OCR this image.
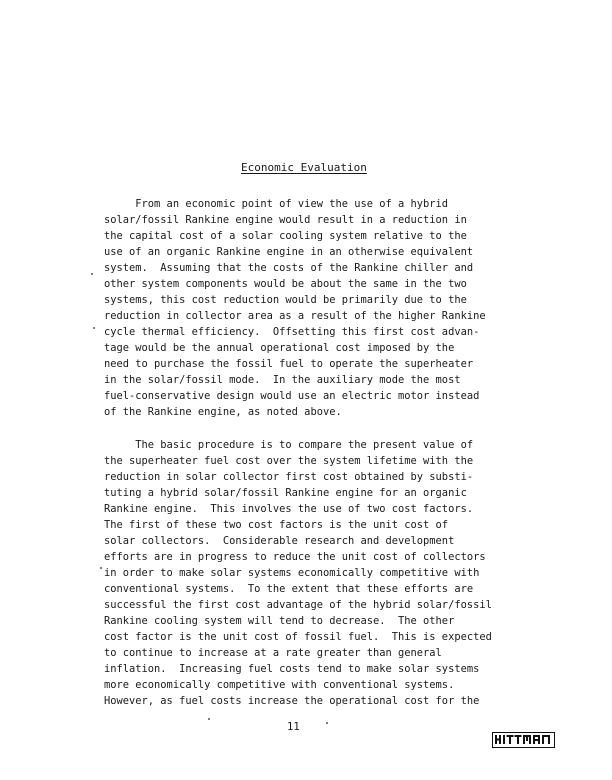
Economic Evaluation
From an economic point of view the use of a hybrid
solar/fossil Rankine engine would result in a reduction in
the capital cost of a solar cooling system relative to the
use of an organic Rankine engine in an otherwise equivalent
system.  Assuming that the costs of the Rankine chiller and
other system components would be about the same in the two
systems, this cost reduction would be primarily due to the
reduction in collector area as a result of the higher Rankine
cycle thermal efficiency.  Offsetting this first cost advan-
tage would be the annual operational cost imposed by the
need to purchase the fossil fuel to operate the superheater
in the solar/fossil mode.  In the auxiliary mode the most
fuel-conservative design would use an electric motor instead
of the Rankine engine, as noted above.
The basic procedure is to compare the present value of
the superheater fuel cost over the system lifetime with the
reduction in solar collector first cost obtained by substi-
tuting a hybrid solar/fossil Rankine engine for an organic
Rankine engine.  This involves the use of two cost factors.
The first of these two cost factors is the unit cost of
solar collectors.  Considerable research and development
efforts are in progress to reduce the unit cost of collectors
in order to make solar systems economically competitive with
conventional systems.  To the extent that these efforts are
successful the first cost advantage of the hybrid solar/fossil
Rankine cooling system will tend to decrease.  The other
cost factor is the unit cost of fossil fuel.  This is expected
to continue to increase at a rate greater than general
inflation.  Increasing fuel costs tend to make solar systems
more economically competitive with conventional systems.
However, as fuel costs increase the operational cost for the
11
